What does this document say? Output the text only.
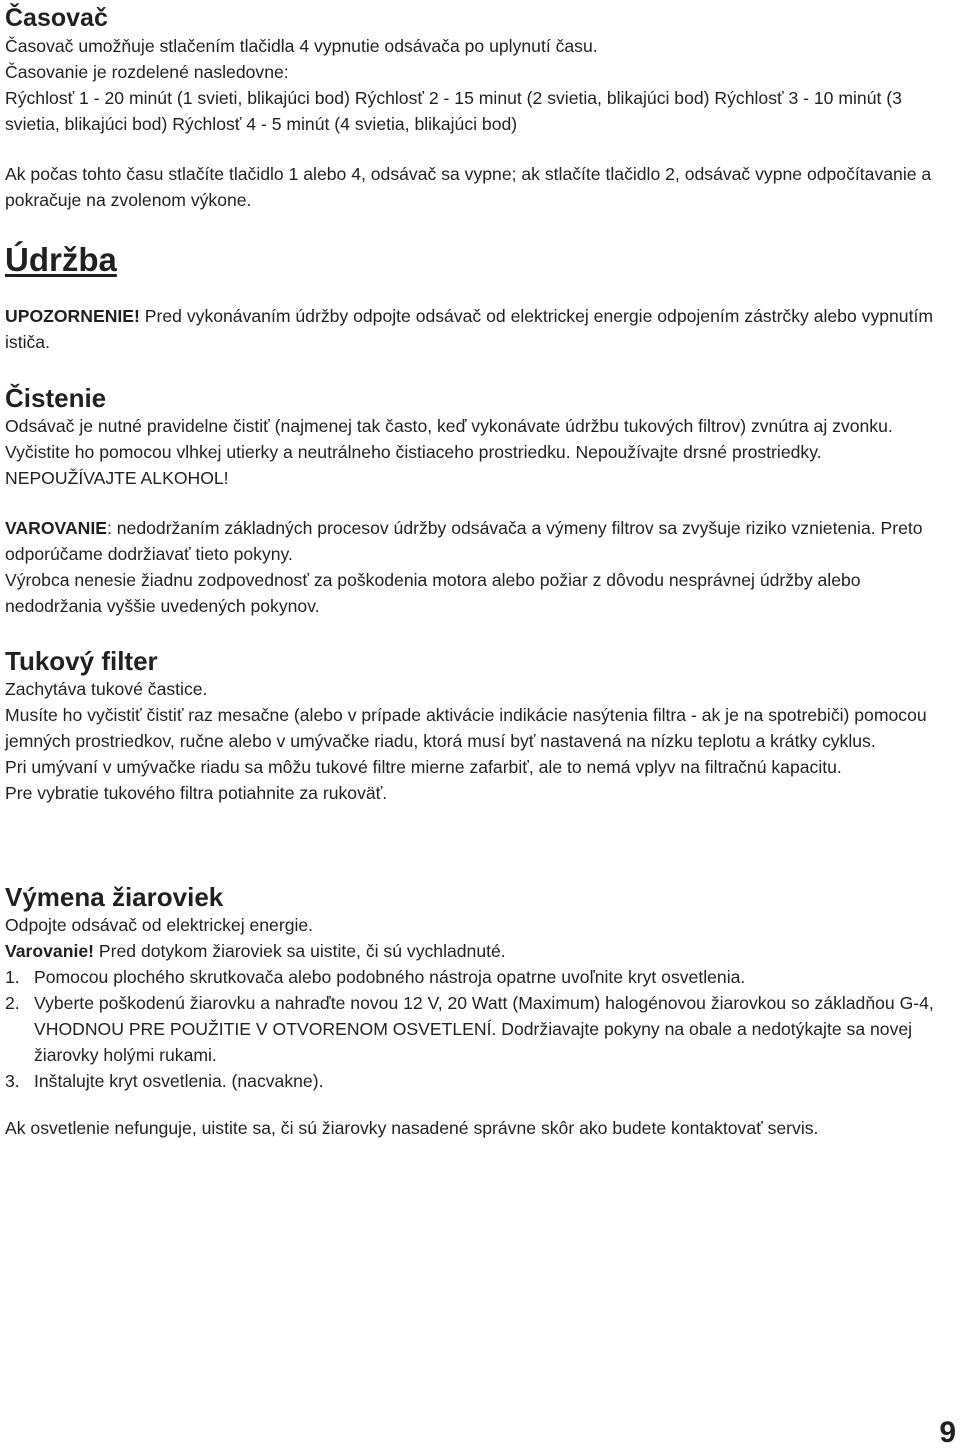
Časovač

Časovač umožňuje stlačením tlačidla 4 vypnutie odsávača po uplynutí času.

Časovanie je rozdelené nasledovne:

Rýchlosť 1 - 20 minút (1 svieti, blikajúci bod) Rýchlosť 2 - 15 minut (2 svietia, blikajúci bod) Rýchlosť 3 - 10 minút (3 svietia, blikajúci bod) Rýchlosť 4 - 5 minút (4 svietia, blikajúci bod)

Ak počas tohto času stlačíte tlačidlo 1 alebo 4, odsávač sa vypne; ak stlačíte tlačidlo 2, odsávač vypne odpočítavanie a pokračuje na zvolenom výkone.

Údržba

UPOZORNENIE! Pred vykonávaním údržby odpojte odsávač od elektrickej energie odpojením zástrčky alebo vypnutím ističa.

Čistenie

Odsávač je nutné pravidelne čistiť (najmenej tak často, keď vykonávate údržbu tukových filtrov) zvnútra aj zvonku. Vyčistite ho pomocou vlhkej utierky a neutrálneho čistiaceho prostriedku. Nepoužívajte drsné prostriedky. NEPOUŽÍVAJTE ALKOHOL!

VAROVANIE: nedodržaním základných procesov údržby odsávača a výmeny filtrov sa zvyšuje riziko vznietenia. Preto odporúčame dodržiavať tieto pokyny.

Výrobca nenesie žiadnu zodpovednosť za poškodenia motora alebo požiar z dôvodu nesprávnej údržby alebo nedodržania vyššie uvedených pokynov.

Tukový filter

Zachytáva tukové častice.

Musíte ho vyčistiť čistiť raz mesačne (alebo v prípade aktivácie indikácie nasýtenia filtra - ak je na spotrebiči) pomocou jemných prostriedkov, ručne alebo v umývačke riadu, ktorá musí byť nastavená na nízku teplotu a krátky cyklus.

Pri umývaní v umývačke riadu sa môžu tukové filtre mierne zafarbiť, ale to nemá vplyv na filtračnú kapacitu.

Pre vybratie tukového filtra potiahnite za rukoväť.

Výmena žiaroviek

Odpojte odsávač od elektrickej energie.

Varovanie! Pred dotykom žiaroviek sa uistite, či sú vychladnuté.

1. Pomocou plochého skrutkovača alebo podobného nástroja opatrne uvoľnite kryt osvetlenia.
2. Vyberte poškodenú žiarovku a nahraďte novou 12 V, 20 Watt (Maximum) halogénovou žiarovkou so základňou G-4, VHODNOU PRE POUŽITIE V OTVORENOM OSVETLENÍ. Dodržiavajte pokyny na obale a nedotýkajte sa novej žiarovky holými rukami.
3. Inštalujte kryt osvetlenia. (nacvakne).

Ak osvetlenie nefunguje, uistite sa, či sú žiarovky nasadené správne skôr ako budete kontaktovať servis.

9
